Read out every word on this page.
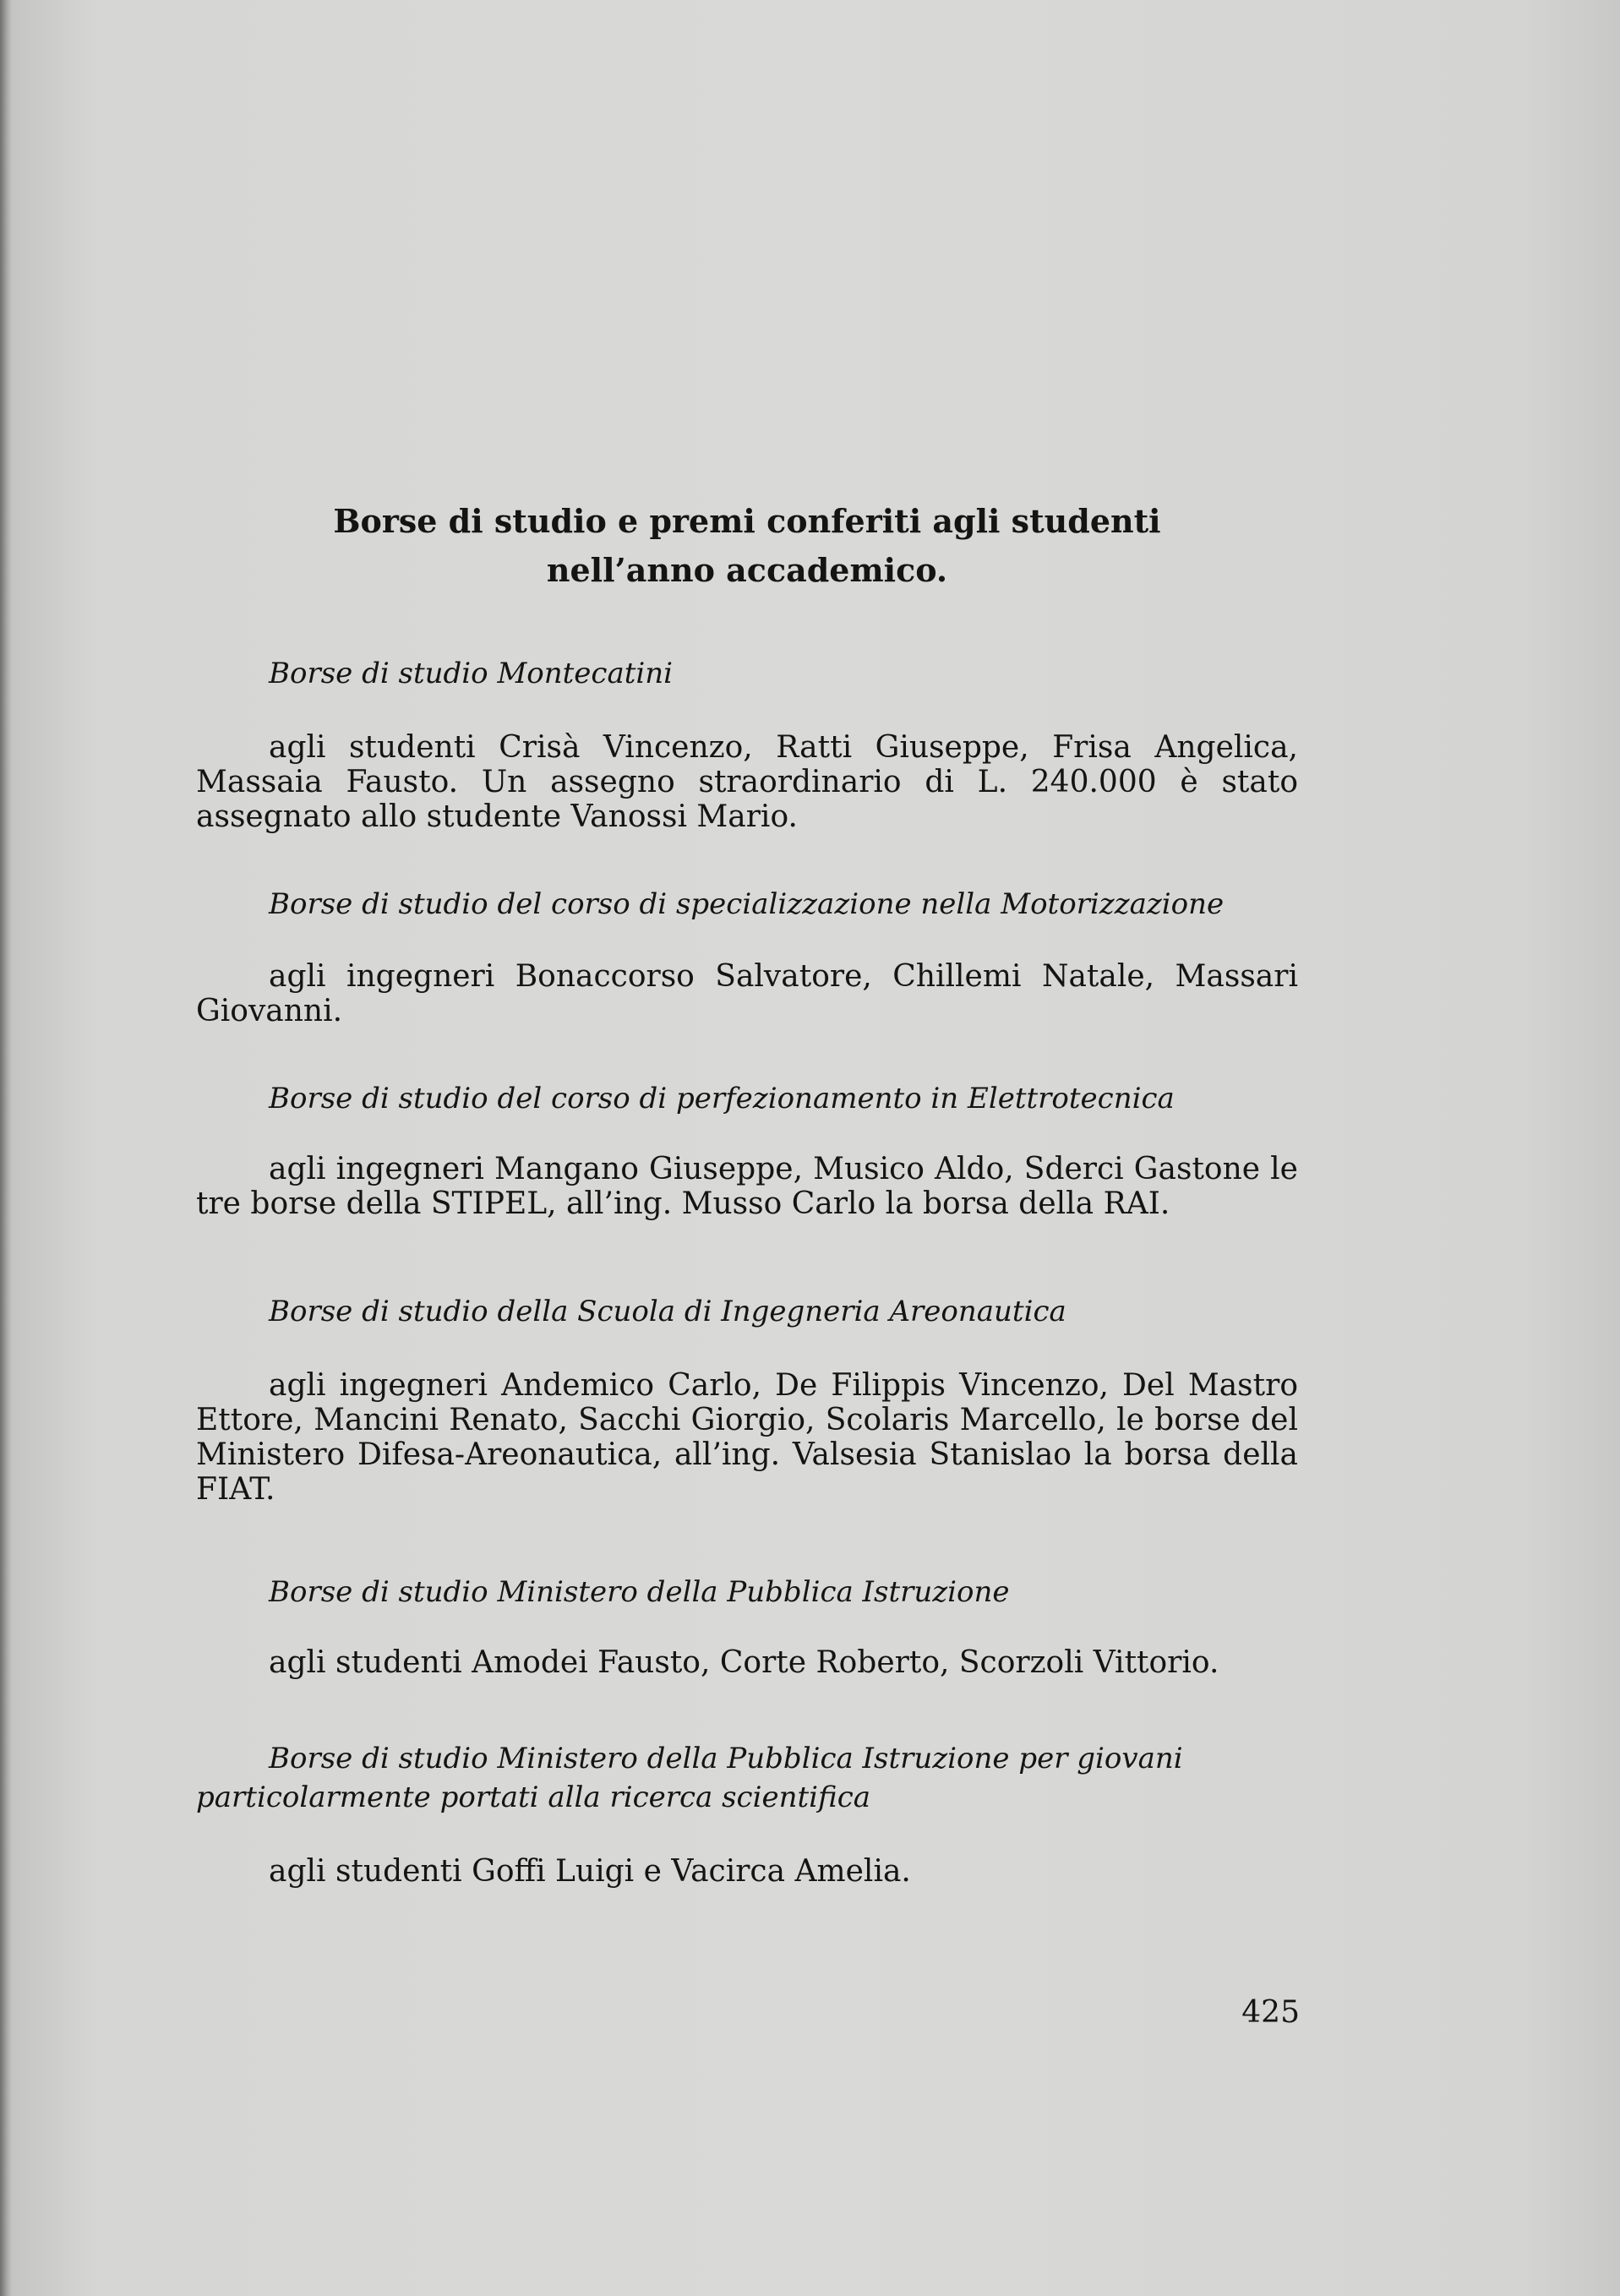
Borse di studio e premi conferiti agli studenti
nell’anno accademico.

Borse di studio Montecatini

agli studenti Crisà Vincenzo, Ratti Giuseppe, Frisa Angelica, Massaia Fausto. Un assegno straordinario di L. 240.000 è stato assegnato allo studente Vanossi Mario.

Borse di studio del corso di specializzazione nella Motorizzazione

agli ingegneri Bonaccorso Salvatore, Chillemi Natale, Massari Giovanni.

Borse di studio del corso di perfezionamento in Elettrotecnica

agli ingegneri Mangano Giuseppe, Musico Aldo, Sderci Gastone le tre borse della STIPEL, all’ing. Musso Carlo la borsa della RAI.

Borse di studio della Scuola di Ingegneria Areonautica

agli ingegneri Andemico Carlo, De Filippis Vincenzo, Del Mastro Ettore, Mancini Renato, Sacchi Giorgio, Scolaris Marcello, le borse del Ministero Difesa-Areonautica, all’ing. Valsesia Stanislao la borsa della FIAT.

Borse di studio Ministero della Pubblica Istruzione

agli studenti Amodei Fausto, Corte Roberto, Scorzoli Vittorio.

Borse di studio Ministero della Pubblica Istruzione per giovani particolarmente portati alla ricerca scientifica

agli studenti Goffi Luigi e Vacirca Amelia.

425
